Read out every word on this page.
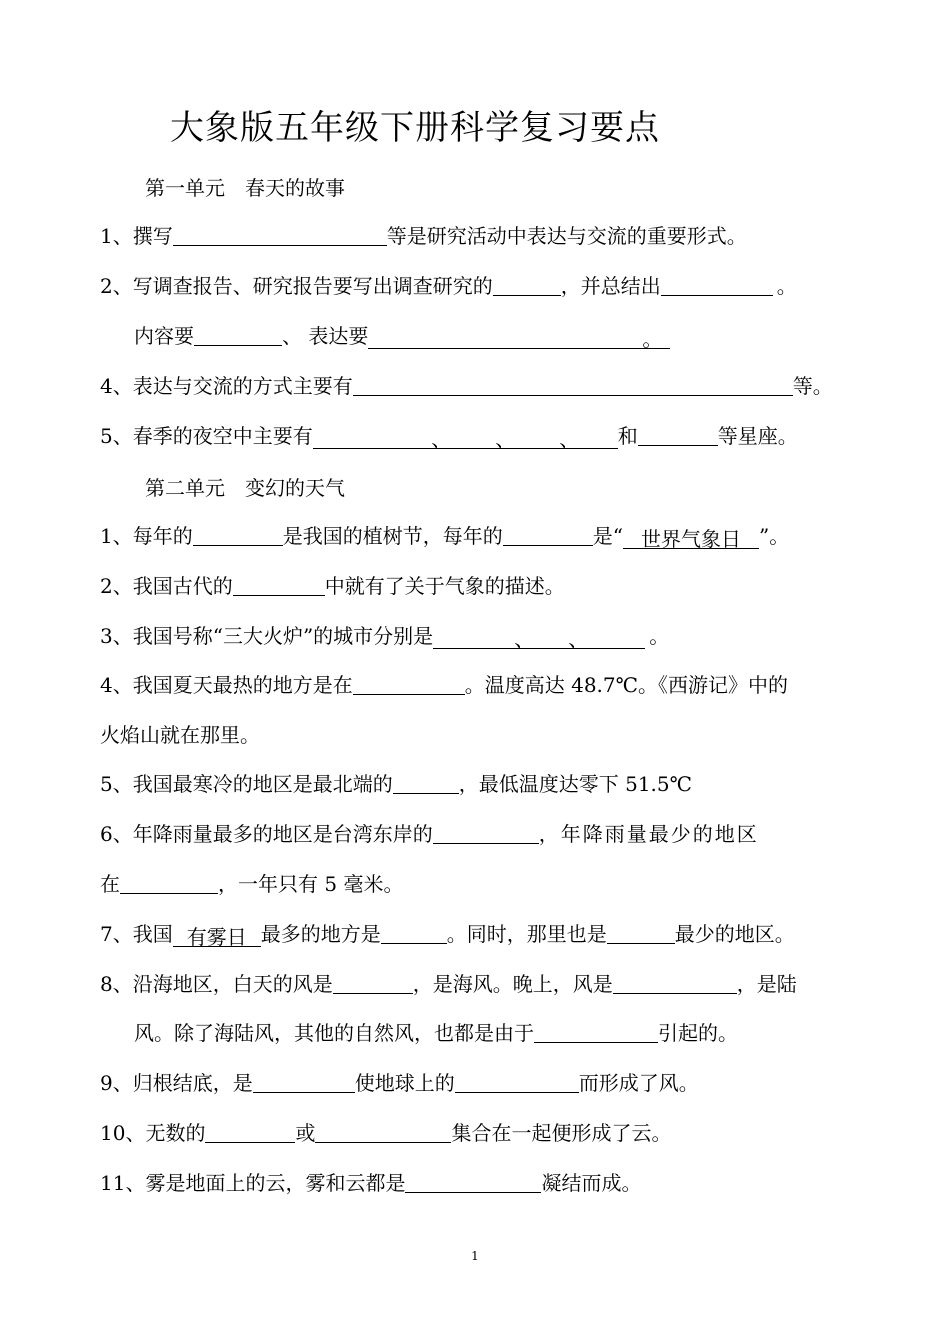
大象版五年级下册科学复习要点
第一单元　春天的故事
1、撰写	等是研究活动中表达与交流的重要形式。
2、写调查报告、研究报告要写出调查研究的	，并总结出	。
内容要	、 表达要	。
4、表达与交流的方式主要有	等。
5、春季的夜空中主要有	、	、	、 和	等星座。
第二单元　变幻的天气
1、每年的	是我国的植树节，每年的	是“ 世界气象日 ”。
2、我国古代的	中就有了关于气象的描述。
3、我国号称“三大火炉”的城市分别是	、 、	。
4、我国夏天最热的地方是在	。温度高达 48.7℃。《西游记》中的
火焰山就在那里。
5、我国最寒冷的地区是最北端的	，最低温度达零下 51.5℃
6、年降雨量最多的地区是台湾东岸的	，年降雨量最少的地区
在	，一年只有 5 毫米。
7、我国 有雾日 最多的地方是	。同时，那里也是	最少的地区。
8、沿海地区，白天的风是	，是海风。晚上，风是	，是陆
风。除了海陆风，其他的自然风，也都是由于	引起的。
9、归根结底，是	使地球上的	而形成了风。
10、无数的	或	集合在一起便形成了云。
11、雾是地面上的云，雾和云都是	凝结而成。
1
